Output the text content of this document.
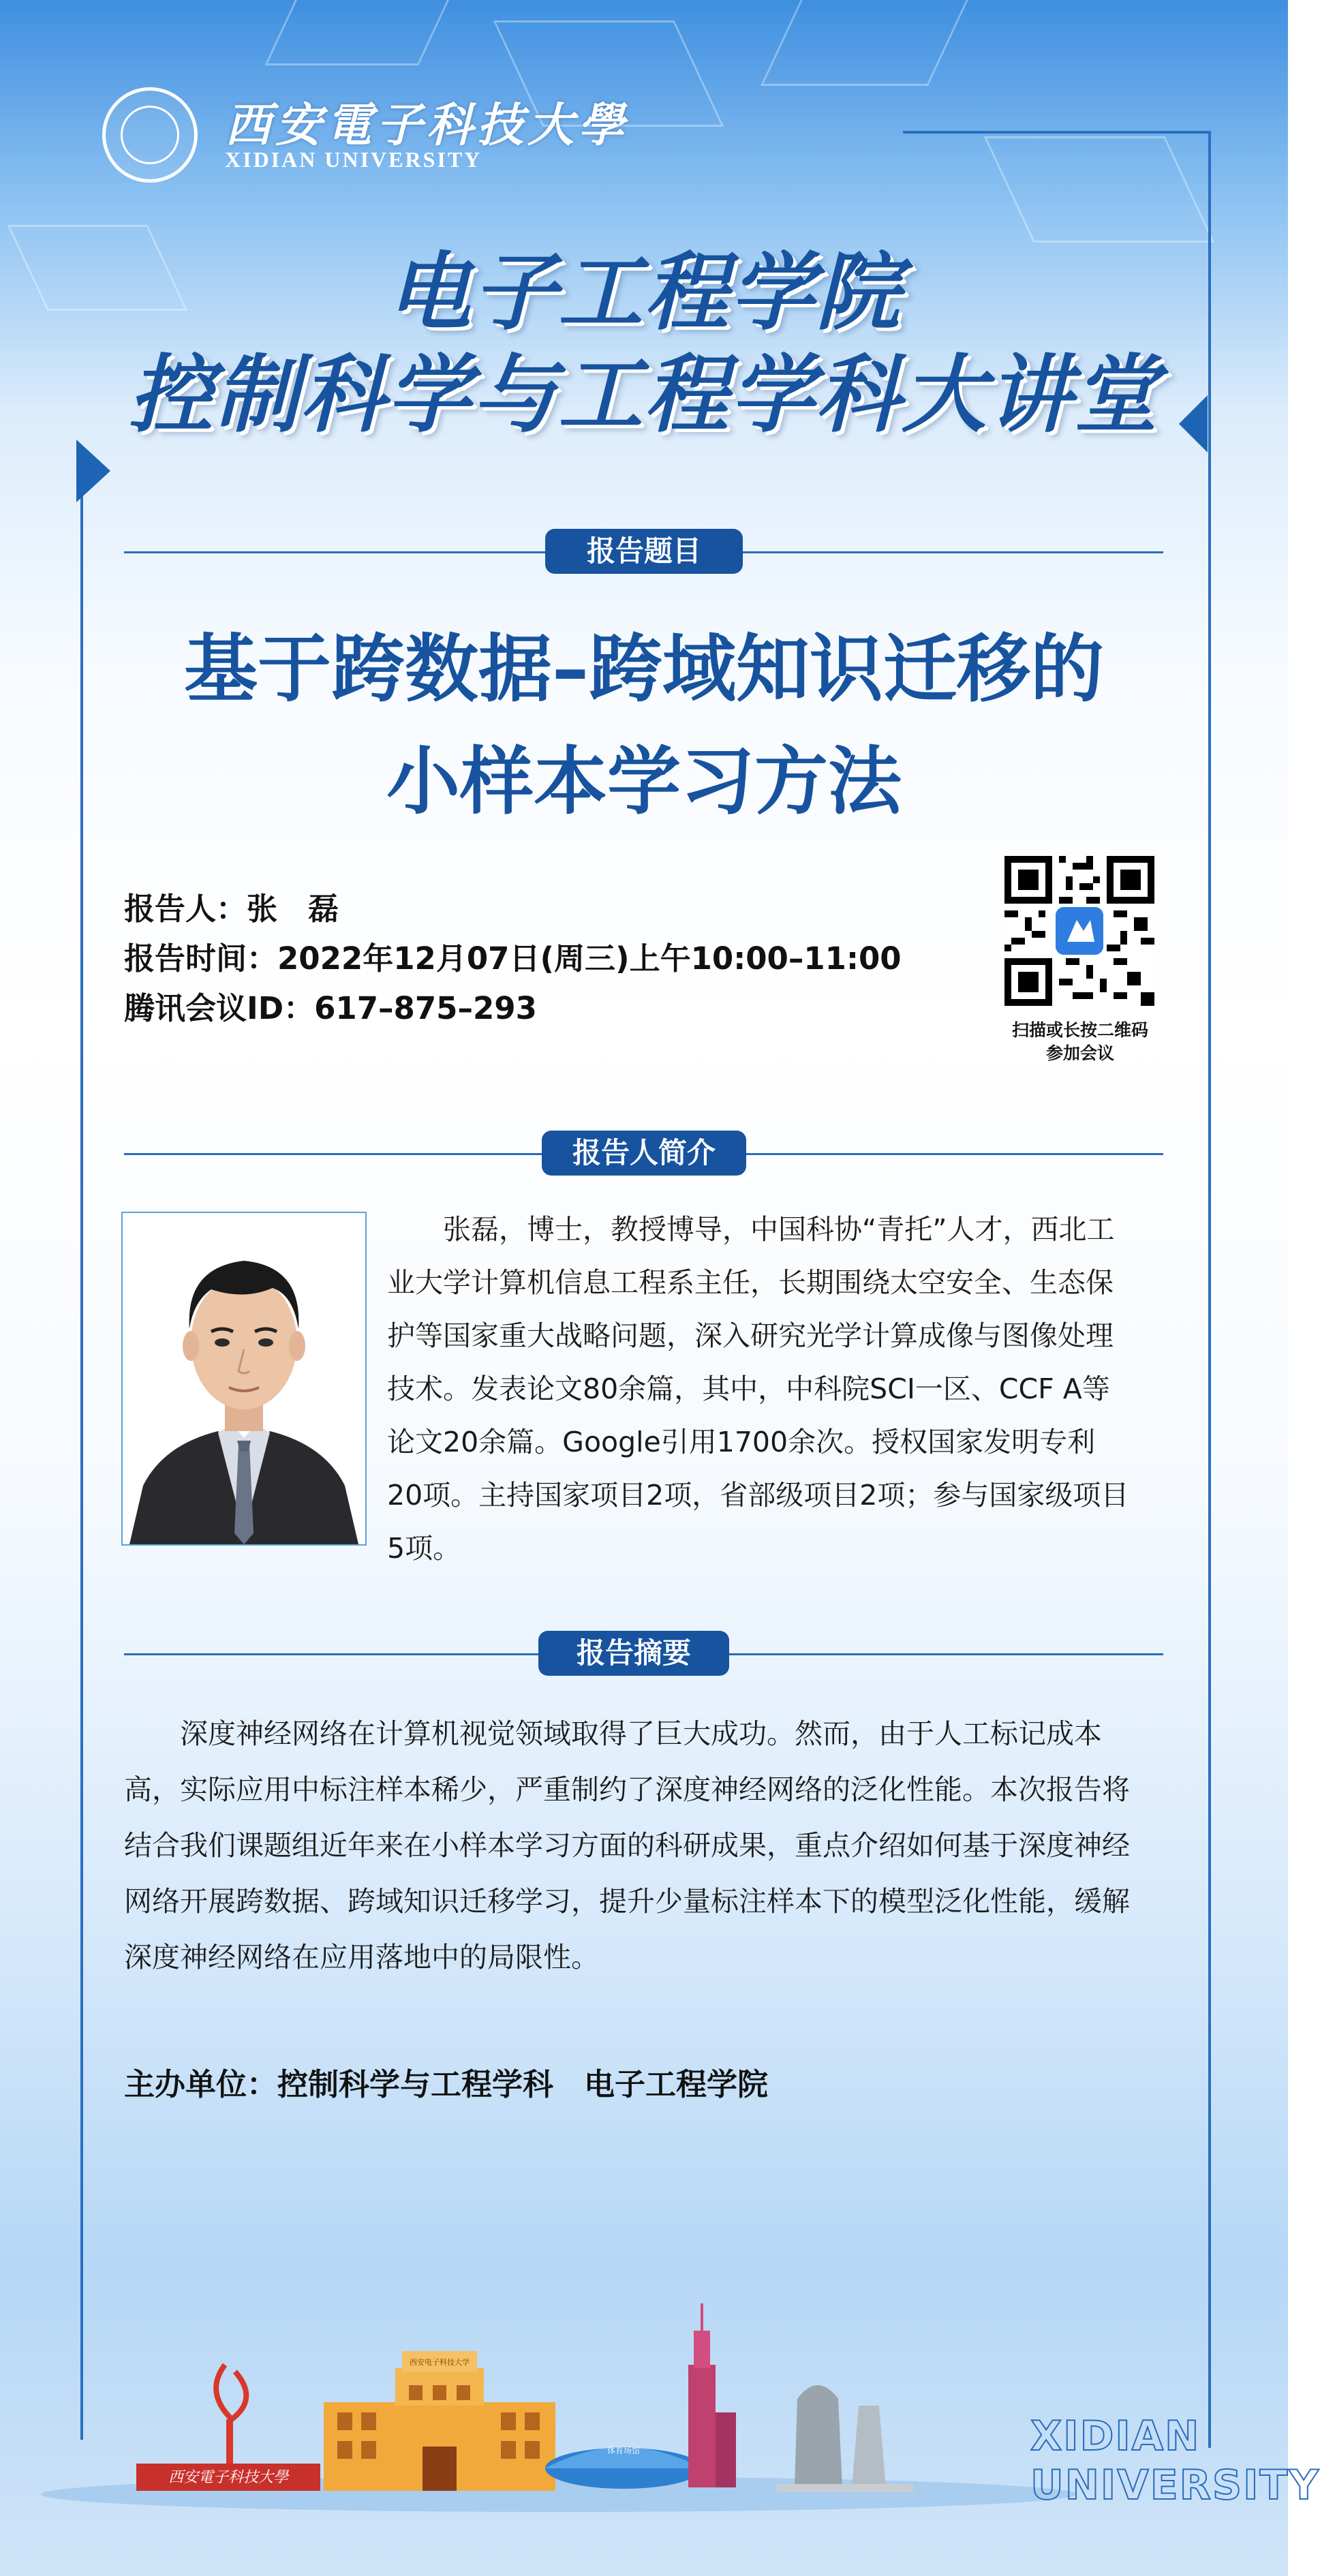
西安電子科技大學
XIDIAN UNIVERSITY
电子工程学院
控制科学与工程学科大讲堂
报告题目
基于跨数据–跨域知识迁移的
小样本学习方法
报告人：张　磊
报告时间：2022年12月07日(周三)上午10:00–11:00
腾讯会议ID：617–875–293
扫描或长按二维码
参加会议
报告人简介
　　张磊，博士，教授博导，中国科协“青托”人才，西北工
业大学计算机信息工程系主任，长期围绕太空安全、生态保
护等国家重大战略问题，深入研究光学计算成像与图像处理
技术。发表论文80余篇，其中，中科院SCI一区、CCF A等
论文20余篇。Google引用1700余次。授权国家发明专利
20项。主持国家项目2项，省部级项目2项；参与国家级项目
5项。
报告摘要
　　深度神经网络在计算机视觉领域取得了巨大成功。然而，由于人工标记成本
高，实际应用中标注样本稀少，严重制约了深度神经网络的泛化性能。本次报告将
结合我们课题组近年来在小样本学习方面的科研成果，重点介绍如何基于深度神经
网络开展跨数据、跨域知识迁移学习，提升少量标注样本下的模型泛化性能，缓解
深度神经网络在应用落地中的局限性。
主办单位：控制科学与工程学科　电子工程学院
西安電子科技大學
西安电子科技大学
体育场馆	XIDIAN
UNIVERSITY
